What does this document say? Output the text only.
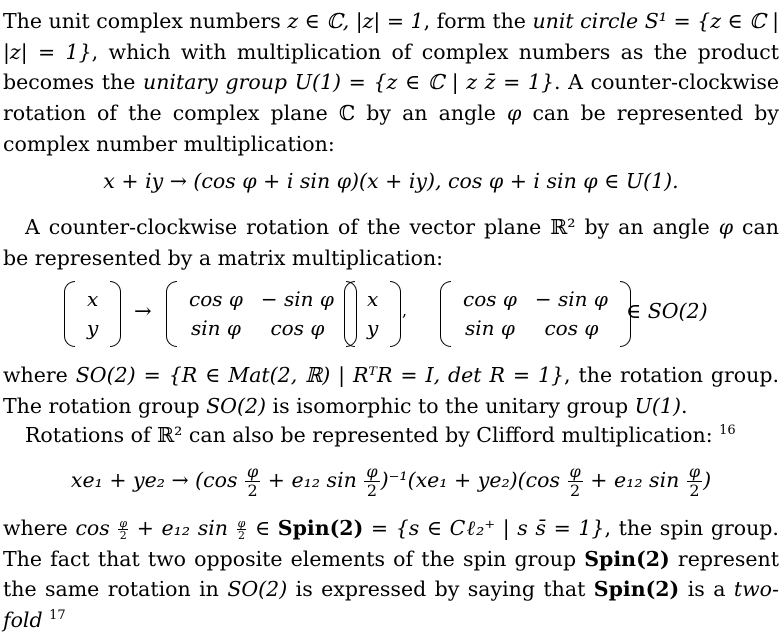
The unit complex numbers z ∈ ℂ, |z| = 1, form the unit circle S¹ = {z ∈ ℂ | |z| = 1}, which with multiplication of complex numbers as the product becomes the unitary group U(1) = {z ∈ ℂ | z z̄ = 1}. A counter-clockwise rotation of the complex plane ℂ by an angle φ can be represented by complex number multiplication:
x + iy → (cos φ + i sin φ)(x + iy), cos φ + i sin φ ∈ U(1).
A counter-clockwise rotation of the vector plane ℝ² by an angle φ can be represented by a matrix multiplication:
x
y
→ cos φ	− sin φ
sin φ	cos φ
x
y
,	cos φ	− sin φ
sin φ	cos φ
∈ SO(2)
where SO(2) = {R ∈ Mat(2, ℝ) | RᵀR = I, det R = 1}, the rotation group. The rotation group SO(2) is isomorphic to the unitary group U(1).
Rotations of ℝ² can also be represented by Clifford multiplication: $^{16}$
$xe_1 + ye_2 \to (\cos \frac{\varphi}{2} + e_{12}$ $\sin \frac{\varphi}{2} )^{-1}(xe_1 + ye_2)(\cos \frac{\varphi}{2} + e_{12}$ $\sin \frac{\varphi}{2}$ )
where $\cos \frac{\varphi}{2} + e_{12}$ $\sin \frac{\varphi}{2}$ ∈ Spin(2) = {s ∈ Cℓ₂⁺ | s s̄ = 1}, the spin group. The fact that two opposite elements of the spin group Spin(2) represent the same rotation in SO(2) is expressed by saying that Spin(2) is a two-fold $^{17}$
